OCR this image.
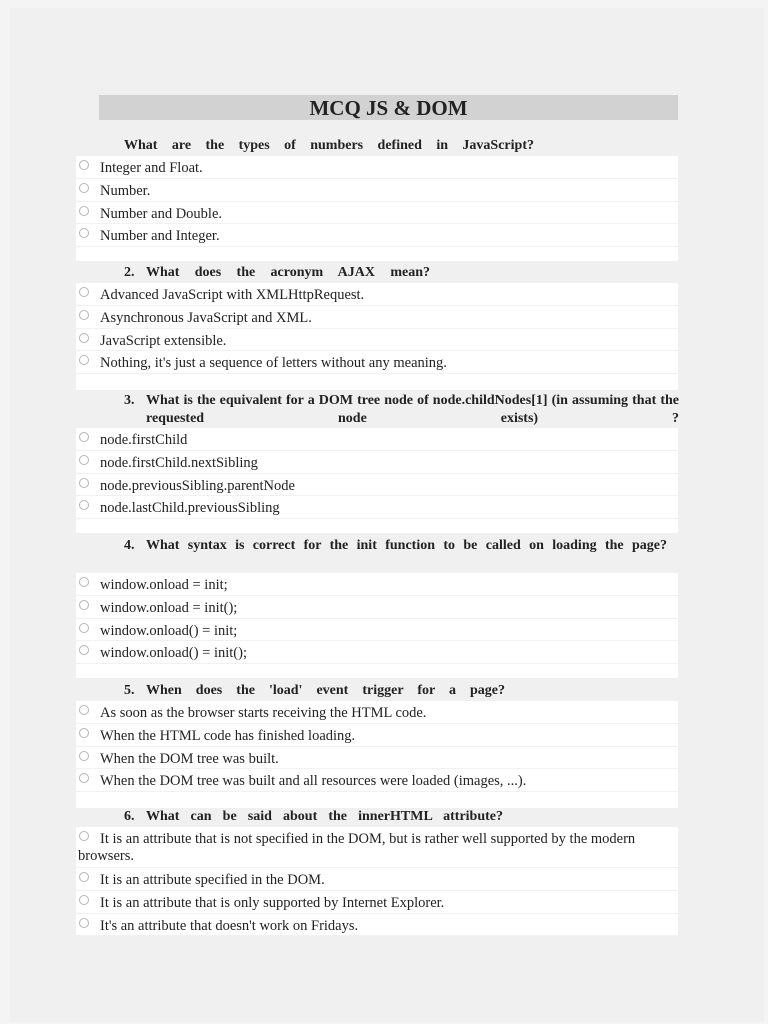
MCQ JS & DOM
What are the types of numbers defined in JavaScript?
Integer and Float.
Number.
Number and Double.
Number and Integer.
2. What does the acronym AJAX mean?
Advanced JavaScript with XMLHttpRequest.
Asynchronous JavaScript and XML.
JavaScript extensible.
Nothing, it's just a sequence of letters without any meaning.
3. What is the equivalent for a DOM tree node of node.childNodes[1] (in assuming that the requested node exists) ?
node.firstChild
node.firstChild.nextSibling
node.previousSibling.parentNode
node.lastChild.previousSibling
4. What syntax is correct for the init function to be called on loading the page?
window.onload = init;
window.onload = init();
window.onload() = init;
window.onload() = init();
5. When does the 'load' event trigger for a page?
As soon as the browser starts receiving the HTML code.
When the HTML code has finished loading.
When the DOM tree was built.
When the DOM tree was built and all resources were loaded (images, ...).
6. What can be said about the innerHTML attribute?
It is an attribute that is not specified in the DOM, but is rather well supported by the modern browsers.
It is an attribute specified in the DOM.
It is an attribute that is only supported by Internet Explorer.
It's an attribute that doesn't work on Fridays.
